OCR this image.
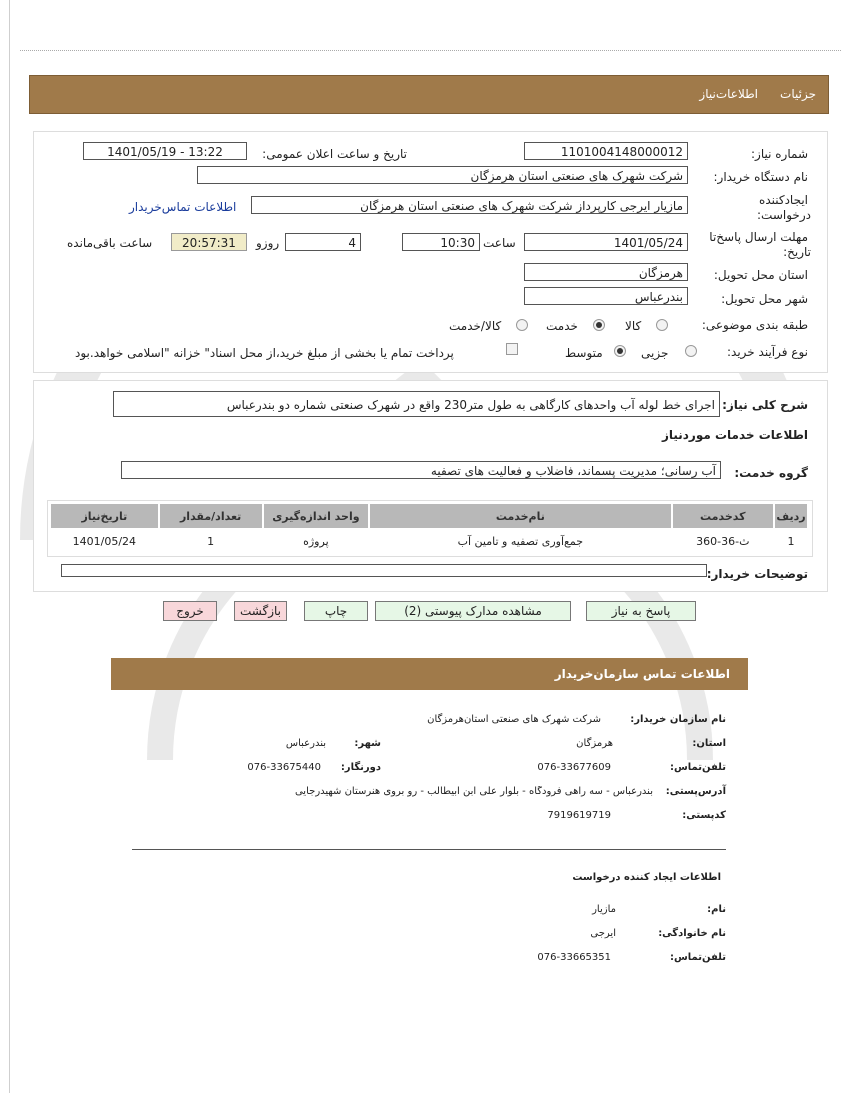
جزئيات
اطلاعات‌نیاز
شماره نیاز:
1101004148000012
تاریخ و ساعت اعلان عمومی:
1401/05/19 - 13:22
نام دستگاه خریدار:
شرکت شهرک های صنعتی استان هرمزگان
ایجادکننده
درخواست:
مازیار ایرجی کارپرداز شرکت شهرک های صنعتی استان هرمزگان
اطلاعات تماس‌خریدار
مهلت ارسال پاسخ‌تا
تاریخ:
1401/05/24
ساعت
10:30
4
روزو
20:57:31
ساعت باقی‌مانده
استان محل تحویل:
هرمزگان
شهر محل تحویل:
بندرعباس
طبقه بندی موضوعی:
کالا
خدمت
کالا/خدمت
نوع فرآیند خرید:
جزیی
متوسط
پرداخت تمام یا بخشی از مبلغ خرید،از محل اسناد" خزانه "اسلامی خواهد.بود
شرح کلی نیاز:
اجرای خط لوله آب واحدهای کارگاهی به طول متر230 واقع در شهرک صنعتی شماره دو بندرعباس
اطلاعات خدمات موردنیاز
گروه خدمت:
آب رسانی؛ مدیریت پسماند، فاضلاب و فعالیت های تصفیه
ردیف	کدخدمت	نام‌خدمت	واحد اندازه‌گیری	تعداد/مقدار	تاریخ‌نیاز
1	ث-36-360	جمع‌آوری تصفیه و تامین آب	پروژه	1	1401/05/24
توضیحات خریدار:
پاسخ به نیاز
مشاهده مدارک پیوستی (2)
چاپ
بازگشت
خروج
اطلاعات تماس سازمان‌خریدار
نام سازمان خریدار:
شرکت شهرک های صنعتی استان‌هرمزگان
استان:
هرمزگان
شهر:
بندرعباس
تلفن‌تماس:
076-33677609
دورنگار:
076-33675440
آدرس‌پستی:
بندرعباس - سه راهی فرودگاه - بلوار علی ابن ابیطالب - رو بروی هنرستان شهیدرجایی
کدپستی:
7919619719
اطلاعات ایجاد کننده درخواست
نام:
مازیار
نام خانوادگی:
ایرجی
تلفن‌تماس:
076-33665351
